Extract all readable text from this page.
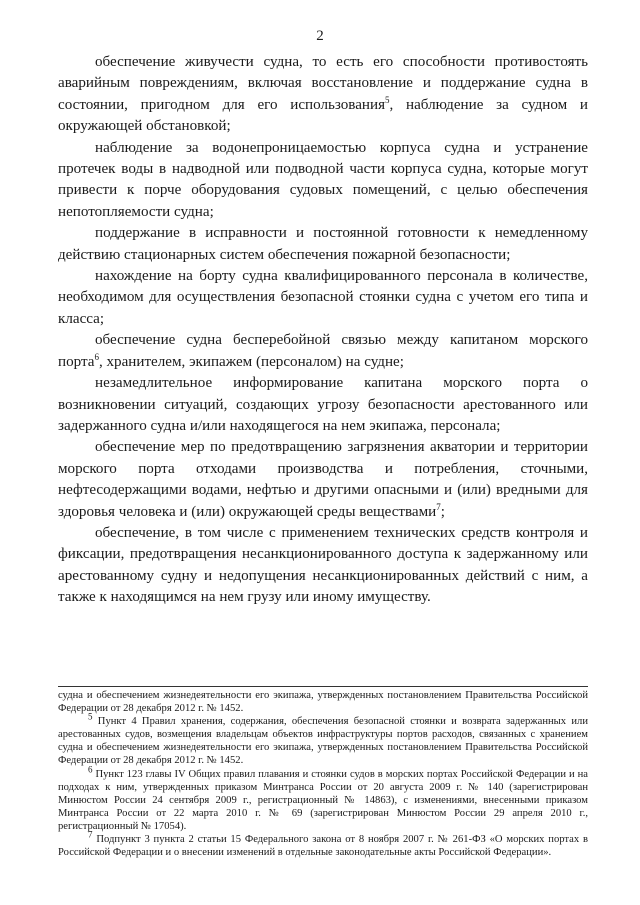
2

обеспечение живучести судна, то есть его способности противостоять аварийным повреждениям, включая восстановление и поддержание судна в состоянии, пригодном для его использования$^5$, наблюдение за судном и окружающей обстановкой;

наблюдение за водонепроницаемостью корпуса судна и устранение протечек воды в надводной или подводной части корпуса судна, которые могут привести к порче оборудования судовых помещений, с целью обеспечения непотопляемости судна;

поддержание в исправности и постоянной готовности к немедленному действию стационарных систем обеспечения пожарной безопасности;

нахождение на борту судна квалифицированного персонала в количестве, необходимом для осуществления безопасной стоянки судна с учетом его типа и класса;

обеспечение судна бесперебойной связью между капитаном морского порта$^6$, хранителем, экипажем (персоналом) на судне;

незамедлительное информирование капитана морского порта о возникновении ситуаций, создающих угрозу безопасности арестованного или задержанного судна и/или находящегося на нем экипажа, персонала;

обеспечение мер по предотвращению загрязнения акватории и территории морского порта отходами производства и потребления, сточными, нефтесодержащими водами, нефтью и другими опасными и (или) вредными для здоровья человека и (или) окружающей среды веществами$^7$;

обеспечение, в том числе с применением технических средств контроля и фиксации, предотвращения несанкционированного доступа к задержанному или арестованному судну и недопущения несанкционированных действий с ним, а также к находящимся на нем грузу или иному имуществу.

судна и обеспечением жизнедеятельности его экипажа, утвержденных постановлением Правительства Российской Федерации от 28 декабря 2012 г. № 1452.

$^5$ Пункт 4 Правил хранения, содержания, обеспечения безопасной стоянки и возврата задержанных или арестованных судов, возмещения владельцам объектов инфраструктуры портов расходов, связанных с хранением судна и обеспечением жизнедеятельности его экипажа, утвержденных постановлением Правительства Российской Федерации от 28 декабря 2012 г. № 1452.

$^6$ Пункт 123 главы IV Общих правил плавания и стоянки судов в морских портах Российской Федерации и на подходах к ним, утвержденных приказом Минтранса России от 20 августа 2009 г. № 140 (зарегистрирован Минюстом России 24 сентября 2009 г., регистрационный № 14863), с изменениями, внесенными приказом Минтранса России от 22 марта 2010 г. № 69 (зарегистрирован Минюстом России 29 апреля 2010 г., регистрационный № 17054).

$^7$ Подпункт 3 пункта 2 статьи 15 Федерального закона от 8 ноября 2007 г. № 261-ФЗ «О морских портах в Российской Федерации и о внесении изменений в отдельные законодательные акты Российской Федерации».
